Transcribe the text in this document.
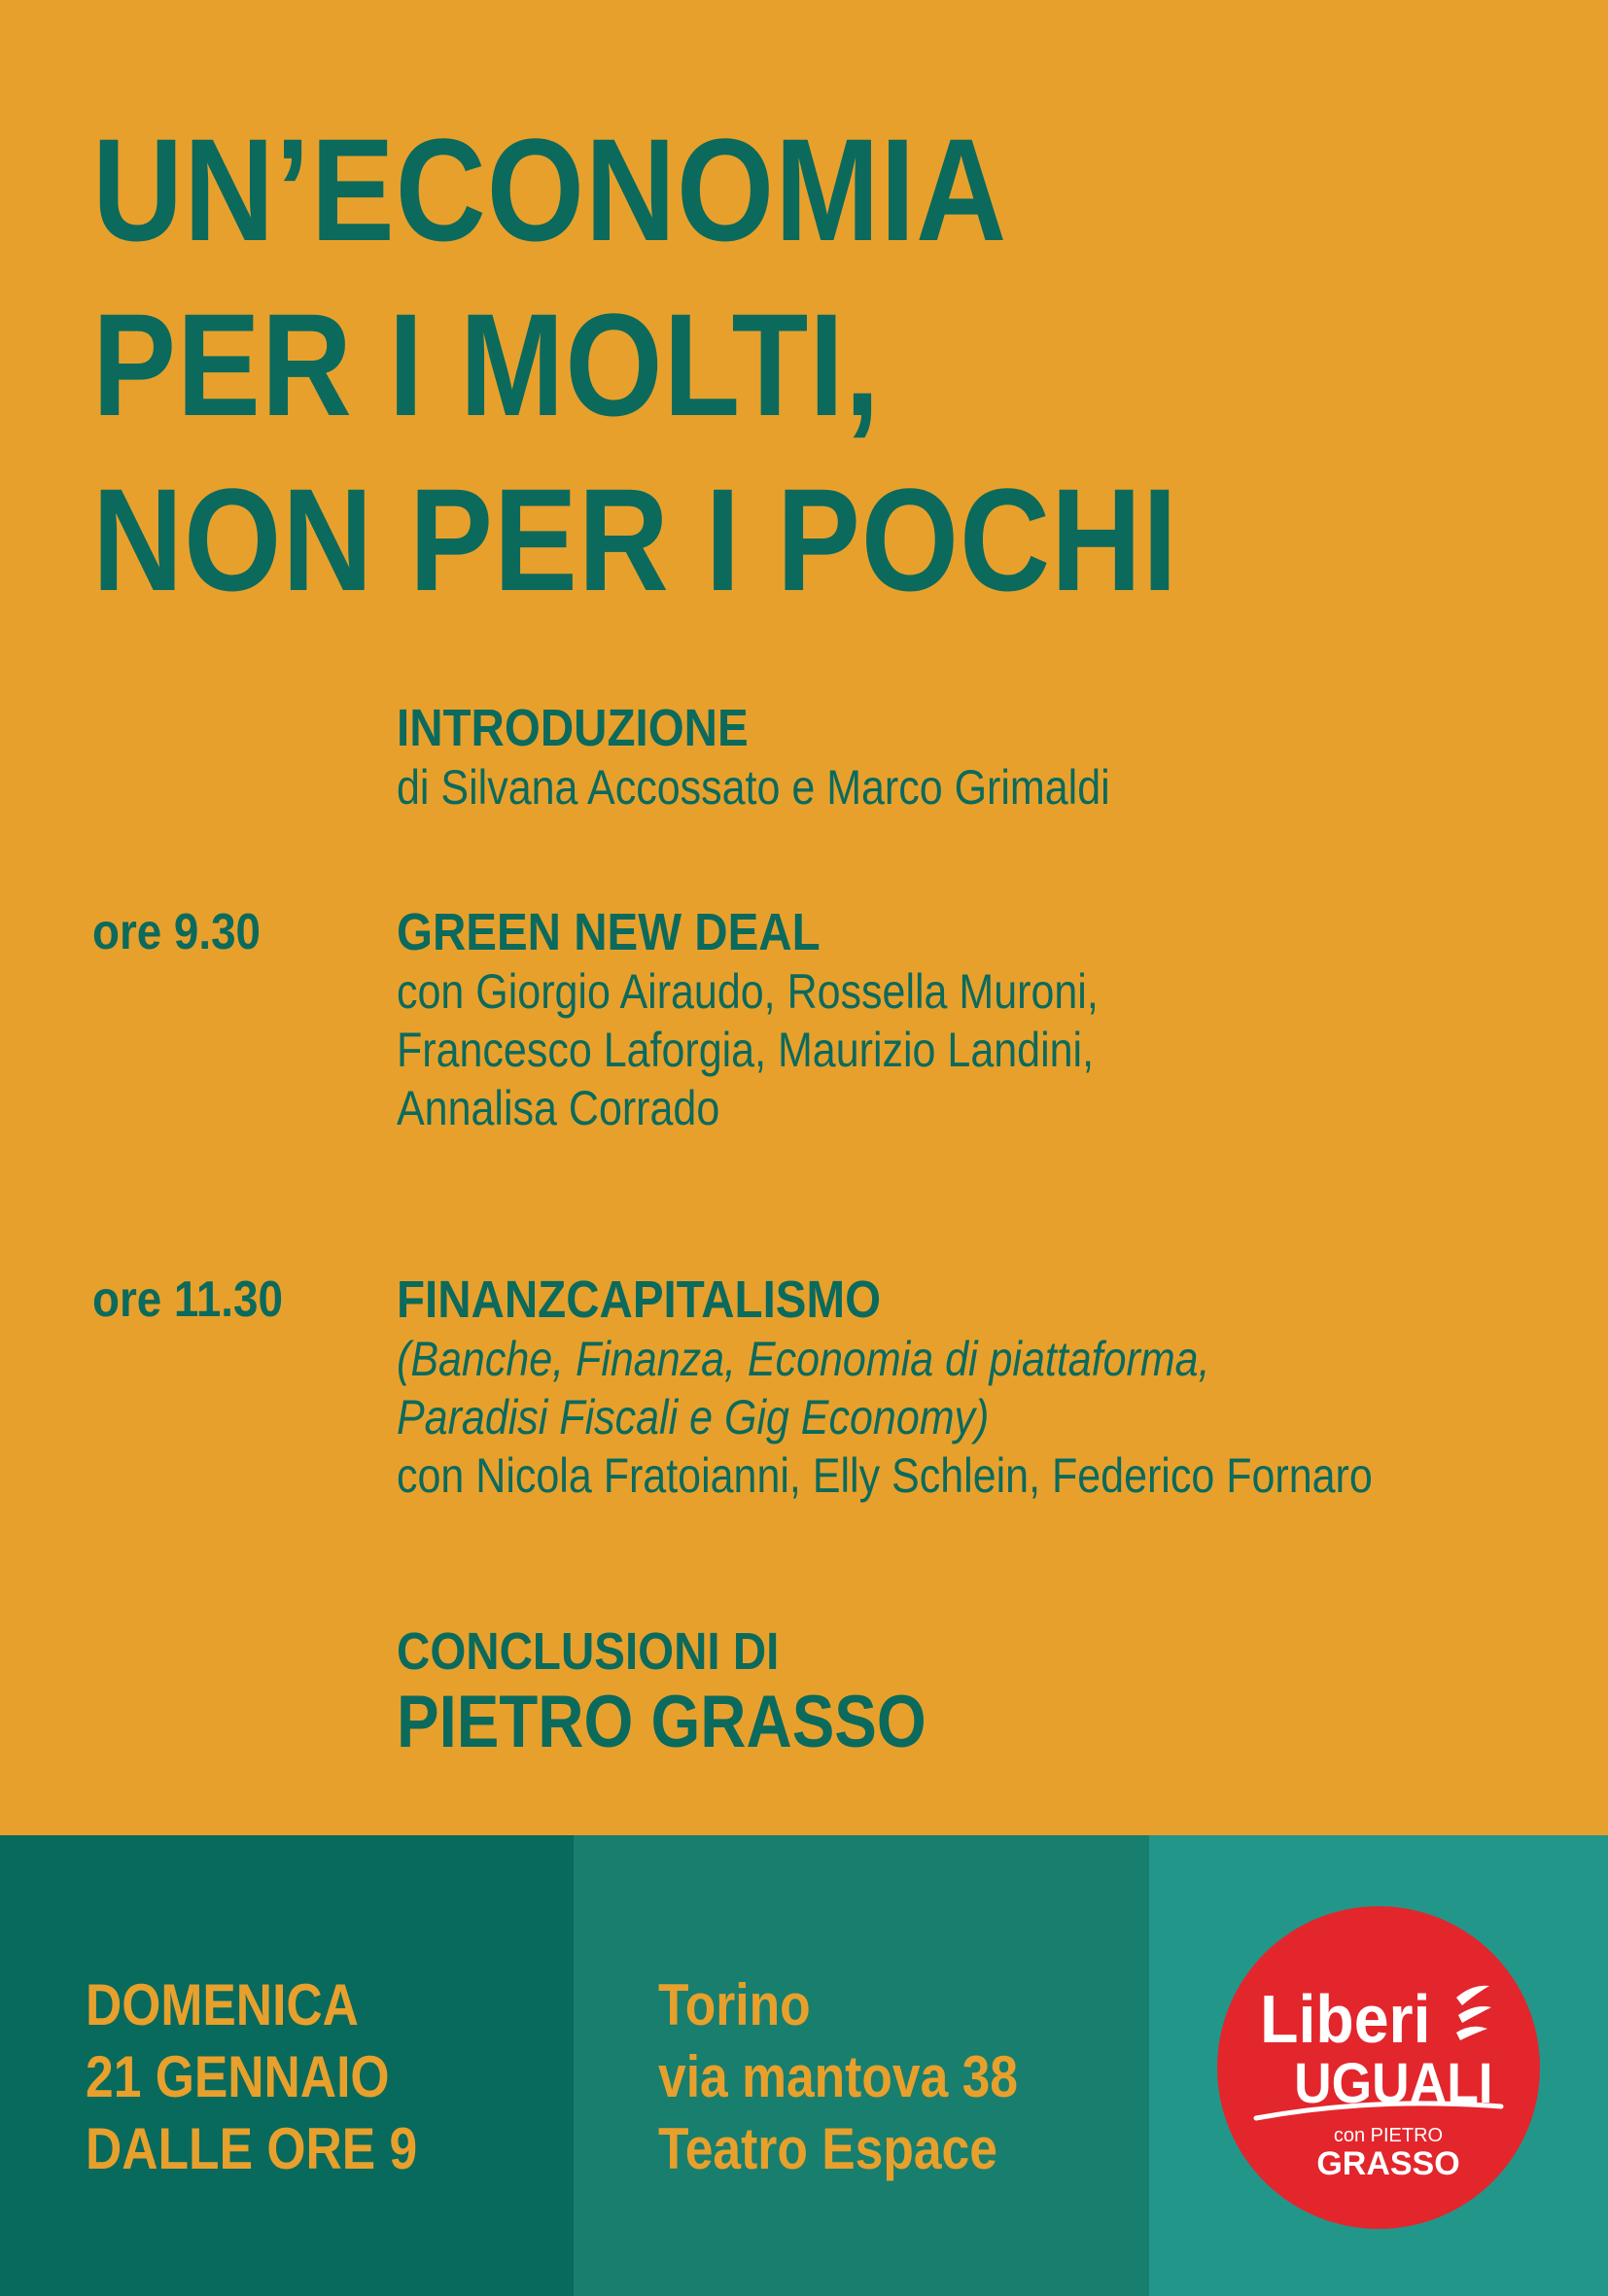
UN’ECONOMIA
PER I MOLTI,
NON PER I POCHI
INTRODUZIONE
di Silvana Accossato e Marco Grimaldi
ore 9.30	GREEN NEW DEAL
con Giorgio Airaudo, Rossella Muroni,
Francesco Laforgia, Maurizio Landini,
Annalisa Corrado
ore 11.30 FINANZCAPITALISMO
(Banche, Finanza, Economia di piattaforma,
Paradisi Fiscali e Gig Economy)
con Nicola Fratoianni, Elly Schlein, Federico Fornaro
CONCLUSIONI DI
PIETRO GRASSO
DOMENICA
21 GENNAIO
DALLE ORE 9
Torino
via mantova 38
Teatro Espace
Liberi
UGUALI
con PIETRO
GRASSO
